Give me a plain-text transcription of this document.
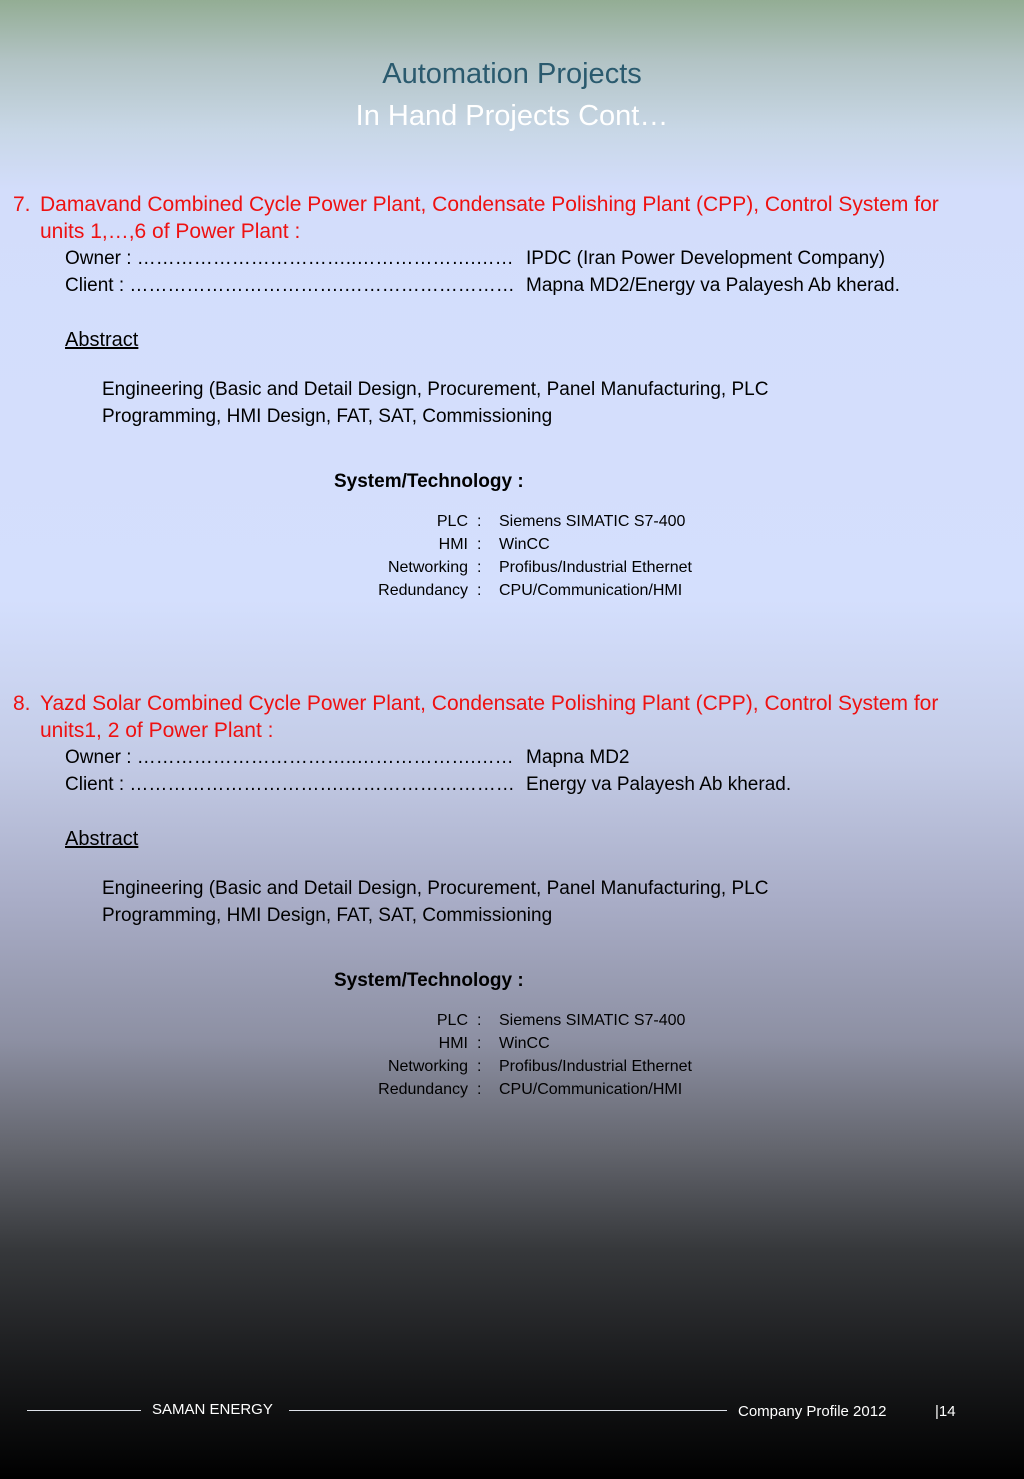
Automation Projects
In Hand Projects Cont…
7. Damavand Combined Cycle Power Plant, Condensate Polishing Plant (CPP), Control System for
units 1,…,6 of Power Plant :
Owner : ……………………………..……………….…… IPDC (Iran Power Development Company)
Client : …………………………….……………………… Mapna MD2/Energy va Palayesh Ab kherad.
Abstract
Engineering (Basic and Detail Design, Procurement, Panel Manufacturing, PLC
Programming, HMI Design, FAT, SAT, Commissioning
System/Technology :
PLC : Siemens SIMATIC S7-400
HMI : WinCC
Networking : Profibus/Industrial Ethernet
Redundancy : CPU/Communication/HMI
8. Yazd Solar Combined Cycle Power Plant, Condensate Polishing Plant (CPP), Control System for
units1, 2 of Power Plant :
Owner : ……………………………..……………….…… Mapna MD2
Client : …………………………….……………………… Energy va Palayesh Ab kherad.
Abstract
Engineering (Basic and Detail Design, Procurement, Panel Manufacturing, PLC
Programming, HMI Design, FAT, SAT, Commissioning
System/Technology :
PLC : Siemens SIMATIC S7-400
HMI : WinCC
Networking : Profibus/Industrial Ethernet
Redundancy : CPU/Communication/HMI
SAMAN ENERGY	Company Profile 2012	|14
